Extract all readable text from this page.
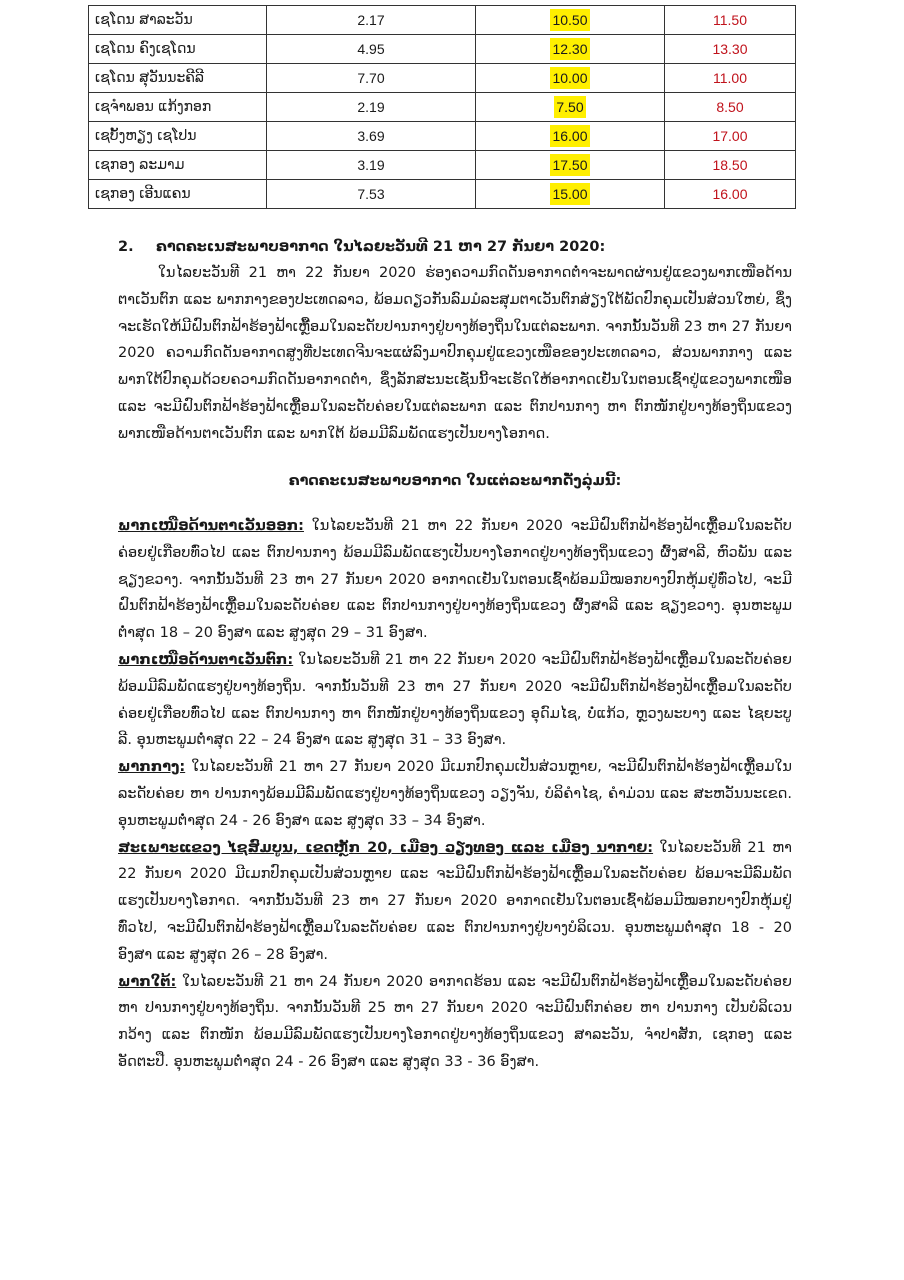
ເຊໂດນ ສາລະວັນ	2.17	10.50	11.50
ເຊໂດນ ຄົງເຊໂດນ	4.95	12.30	13.30
ເຊໂດນ ສຸວັນນະຄີລີ	7.70	10.00	11.00
ເຊຈຳພອນ ແກ້ງກອກ	2.19	7.50	8.50
ເຊບັ້ງຫຽງ ເຊໂປນ	3.69	16.00	17.00
ເຊກອງ ລະມາມ	3.19	17.50	18.50
ເຊກອງ ເອີນແຄນ	7.53	15.00	16.00
2. ຄາດຄະເນສະພາບອາກາດ ໃນໄລຍະວັນທີ 21 ຫາ 27 ກັນຍາ 2020:
ໃນໄລຍະວັນທີ 21 ຫາ 22 ກັນຍາ 2020 ຮ່ອງຄວາມກົດດັນອາກາດຕ່ຳຈະພາດຜ່ານຢູ່ແຂວງພາກເໜືອດ້ານຕາເວັນຕົກ ແລະ ພາກກາງຂອງປະເທດລາວ, ພ້ອມດຽວກັນລົມມໍລະສຸມຕາເວັນຕົກສ່ຽງໃຕ້ພັດປົກຄຸມເປັນສ່ວນໃຫຍ່, ຊຶ່ງຈະເຮັດໃຫ້ມີຝົນຕົກຟ້າຮ້ອງຟ້າເຫຼື້ອມໃນລະດັບປານກາງຢູ່ບາງທ້ອງຖິ່ນໃນແຕ່ລະພາກ. ຈາກນັ້ນວັນທີ 23 ຫາ 27 ກັນຍາ 2020 ຄວາມກົດດັນອາກາດສູງທີ່ປະເທດຈີນຈະແຜ່ລົງມາປົກຄຸມຢູ່ແຂວງເໜືອຂອງປະເທດລາວ, ສ່ວນພາກກາງ ແລະ ພາກໃຕ້ປົກຄຸມດ້ວຍຄວາມກົດດັນອາກາດຕ່ຳ, ຊຶ່ງລັກສະນະເຊັ່ນນີ້ຈະເຮັດໃຫ້ອາກາດເຢັນໃນຕອນເຊົ້າຢູ່ແຂວງພາກເໜືອ ແລະ ຈະມີຝົນຕົກຟ້າຮ້ອງຟ້າເຫຼື້ອມໃນລະດັບຄ່ອຍໃນແຕ່ລະພາກ ແລະ ຕົກປານກາງ ຫາ ຕົກໜັກຢູ່ບາງທ້ອງຖິ່ນແຂວງພາກເໜືອດ້ານຕາເວັນຕົກ ແລະ ພາກໃຕ້ ພ້ອມມີລົມພັດແຮງເປັນບາງໂອກາດ.
ຄາດຄະເນສະພາບອາກາດ ໃນແຕ່ລະພາກດັ່ງລຸ່ມນີ້:

ພາກເໜືອດ້ານຕາເວັນອອກ: ໃນໄລຍະວັນທີ 21 ຫາ 22 ກັນຍາ 2020 ຈະມີຝົນຕົກຟ້າຮ້ອງຟ້າເຫຼື້ອມໃນລະດັບຄ່ອຍຢູ່ເກືອບທົ່ວໄປ ແລະ ຕົກປານກາງ ພ້ອມມີລົມພັດແຮງເປັນບາງໂອກາດຢູ່ບາງທ້ອງຖິ່ນແຂວງ ຜົ້ງສາລີ, ຫົວພັນ ແລະ ຊຽງຂວາງ. ຈາກນັ້ນວັນທີ 23 ຫາ 27 ກັນຍາ 2020 ອາກາດເຢັນໃນຕອນເຊົ້າພ້ອມມີໝອກບາງປົກຫຸ້ມຢູ່ທົ່ວໄປ, ຈະມີຝົນຕົກຟ້າຮ້ອງຟ້າເຫຼື້ອມໃນລະດັບຄ່ອຍ ແລະ ຕົກປານກາງຢູ່ບາງທ້ອງຖິ່ນແຂວງ ຜົ້ງສາລີ ແລະ ຊຽງຂວາງ. ອຸນຫະພູມຕ່ຳສຸດ 18 – 20 ອົງສາ ແລະ ສູງສຸດ 29 – 31 ອົງສາ.

ພາກເໜືອດ້ານຕາເວັນຕົກ: ໃນໄລຍະວັນທີ 21 ຫາ 22 ກັນຍາ 2020 ຈະມີຝົນຕົກຟ້າຮ້ອງຟ້າເຫຼື້ອມໃນລະດັບຄ່ອຍພ້ອມມີລົມພັດແຮງຢູ່ບາງທ້ອງຖິ່ນ. ຈາກນັ້ນວັນທີ 23 ຫາ 27 ກັນຍາ 2020 ຈະມີຝົນຕົກຟ້າຮ້ອງຟ້າເຫຼື້ອມໃນລະດັບຄ່ອຍຢູ່ເກືອບທົ່ວໄປ ແລະ ຕົກປານກາງ ຫາ ຕົກໜັກຢູ່ບາງທ້ອງຖິ່ນແຂວງ ອຸດົມໄຊ, ບໍ່ແກ້ວ, ຫຼວງພະບາງ ແລະ ໄຊຍະບູລີ. ອຸນຫະພູມຕ່ຳສຸດ 22 – 24 ອົງສາ ແລະ ສູງສຸດ 31 – 33 ອົງສາ.

ພາກກາງ: ໃນໄລຍະວັນທີ 21 ຫາ 27 ກັນຍາ 2020 ມີເມກປົກຄຸມເປັນສ່ວນຫຼາຍ, ຈະມີຝົນຕົກຟ້າຮ້ອງຟ້າເຫຼື້ອມໃນລະດັບຄ່ອຍ ຫາ ປານກາງພ້ອມມີລົມພັດແຮງຢູ່ບາງທ້ອງຖິ່ນແຂວງ ວຽງຈັນ, ບໍລິຄຳໄຊ, ຄຳມ່ວນ ແລະ ສະຫວັນນະເຂດ. ອຸນຫະພູມຕ່ຳສຸດ 24 - 26 ອົງສາ ແລະ ສູງສຸດ 33 – 34 ອົງສາ.

ສະເພາະແຂວງ ໄຊສົມບູນ, ເຂດຫຼັກ 20, ເມືອງ ວຽງທອງ ແລະ ເມືອງ ນາກາຍ: ໃນໄລຍະວັນທີ 21 ຫາ 22 ກັນຍາ 2020 ມີເມກປົກຄຸມເປັນສ່ວນຫຼາຍ ແລະ ຈະມີຝົນຕົກຟ້າຮ້ອງຟ້າເຫຼື້ອມໃນລະດັບຄ່ອຍ ພ້ອມຈະມີລົມພັດແຮງເປັນບາງໂອກາດ. ຈາກນັ້ນວັນທີ 23 ຫາ 27 ກັນຍາ 2020 ອາກາດເຢັນໃນຕອນເຊົ້າພ້ອມມີໝອກບາງປົກຫຸ້ມຢູ່ທົ່ວໄປ, ຈະມີຝົນຕົກຟ້າຮ້ອງຟ້າເຫຼື້ອມໃນລະດັບຄ່ອຍ ແລະ ຕົກປານກາງຢູ່ບາງບໍລິເວນ. ອຸນຫະພູມຕ່ຳສຸດ 18 - 20 ອົງສາ ແລະ ສູງສຸດ 26 – 28 ອົງສາ.

ພາກໃຕ້: ໃນໄລຍະວັນທີ 21 ຫາ 24 ກັນຍາ 2020 ອາກາດຮ້ອນ ແລະ ຈະມີຝົນຕົກຟ້າຮ້ອງຟ້າເຫຼື້ອມໃນລະດັບຄ່ອຍ ຫາ ປານກາງຢູ່ບາງທ້ອງຖິ່ນ. ຈາກນັ້ນວັນທີ 25 ຫາ 27 ກັນຍາ 2020 ຈະມີຝົນຕົກຄ່ອຍ ຫາ ປານກາງ ເປັນບໍລິເວນກວ້າງ ແລະ ຕົກໜັກ ພ້ອມມີລົມພັດແຮງເປັນບາງໂອກາດຢູ່ບາງທ້ອງຖິ່ນແຂວງ ສາລະວັນ, ຈຳປາສັກ, ເຊກອງ ແລະ ອັດຕະປື. ອຸນຫະພູມຕ່ຳສຸດ 24 - 26 ອົງສາ ແລະ ສູງສຸດ 33 - 36 ອົງສາ.
